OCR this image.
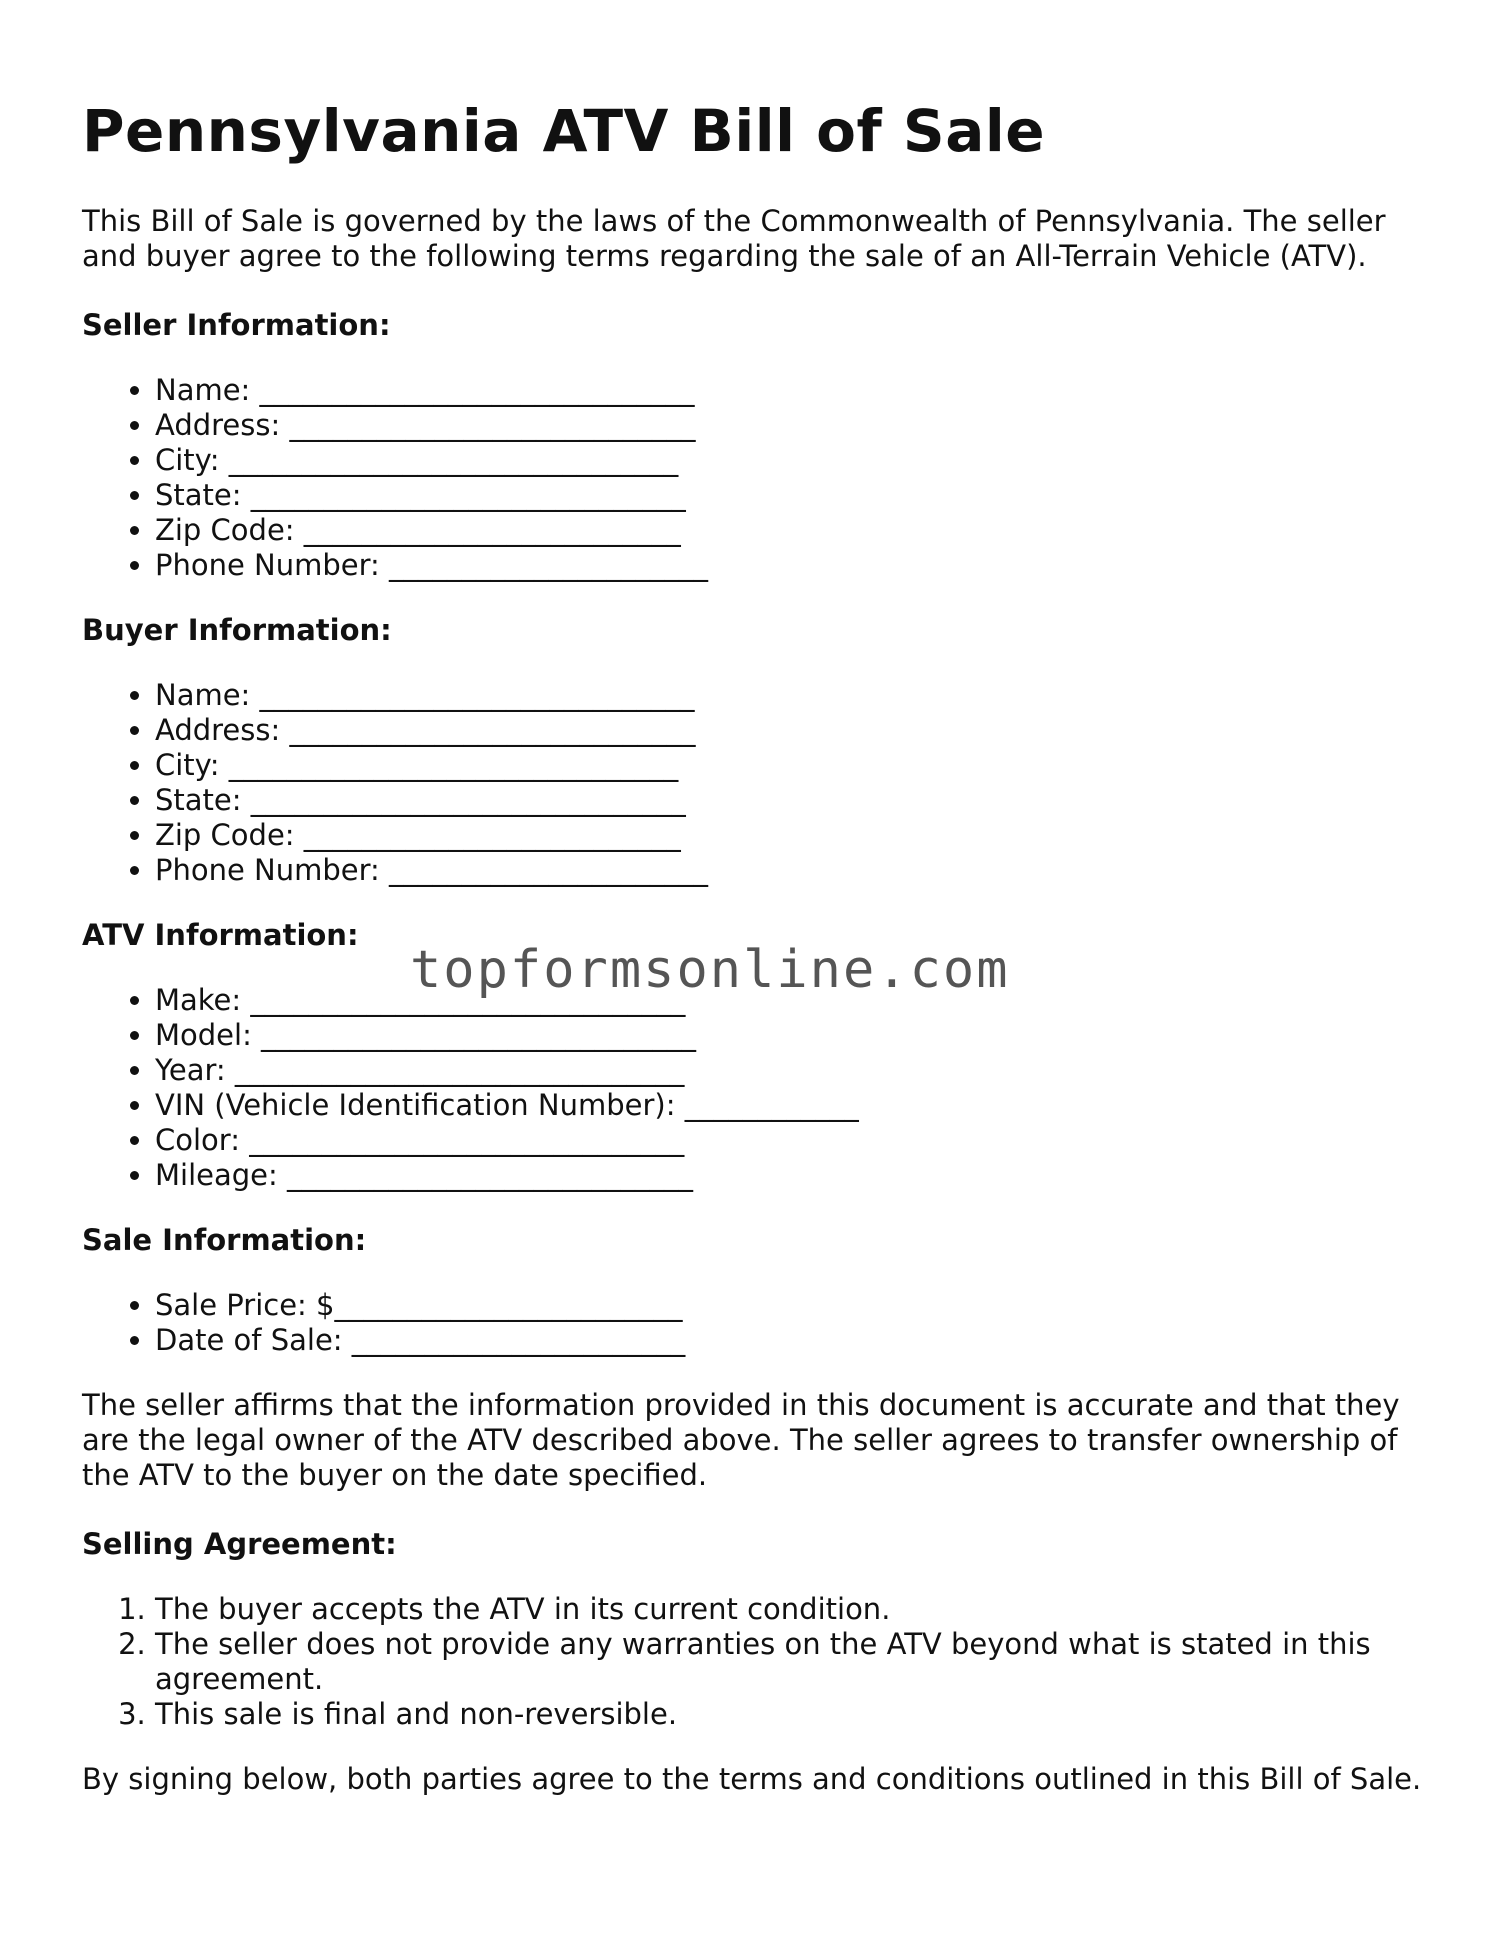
Pennsylvania ATV Bill of Sale

This Bill of Sale is governed by the laws of the Commonwealth of Pennsylvania. The seller and buyer agree to the following terms regarding the sale of an All-Terrain Vehicle (ATV).

Seller Information:
• Name: ______________________________
• Address: ____________________________
• City: _______________________________
• State: ______________________________
• Zip Code: __________________________
• Phone Number: ______________________
Buyer Information:
• Name: ______________________________
• Address: ____________________________
• City: _______________________________
• State: ______________________________
• Zip Code: __________________________
• Phone Number: ______________________
ATV Information:
• Make: ______________________________
• Model: ______________________________
• Year: _______________________________
• VIN (Vehicle Identification Number): ____________
• Color: ______________________________
• Mileage: ____________________________
Sale Information:
• Sale Price: $________________________
• Date of Sale: _______________________

The seller affirms that the information provided in this document is accurate and that they are the legal owner of the ATV described above. The seller agrees to transfer ownership of the ATV to the buyer on the date specified.

Selling Agreement:
1. The buyer accepts the ATV in its current condition.
2. The seller does not provide any warranties on the ATV beyond what is stated in this agreement.
3. This sale is final and non-reversible.

By signing below, both parties agree to the terms and conditions outlined in this Bill of Sale.

topformsonline.com
